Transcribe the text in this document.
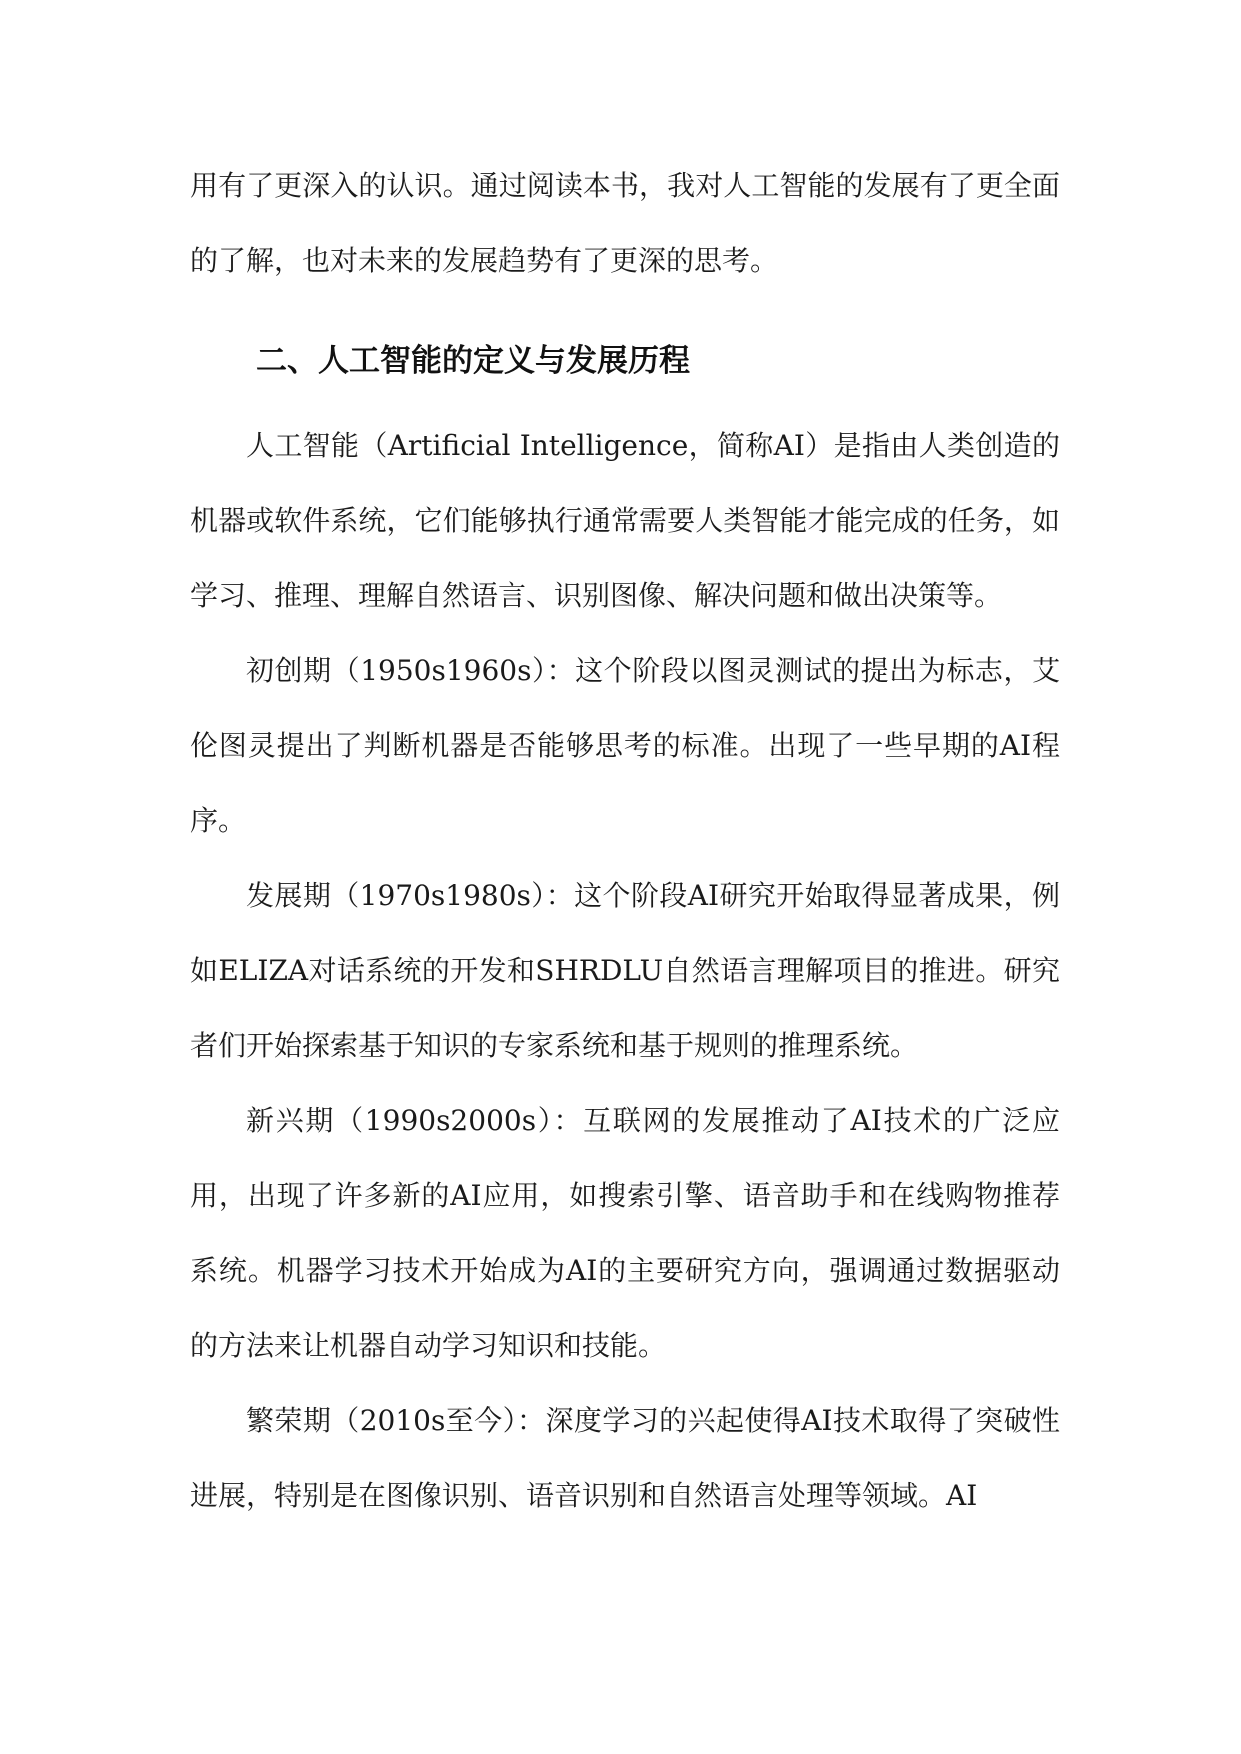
用有了更深入的认识。通过阅读本书，我对人工智能的发展有了更全面的了解，也对未来的发展趋势有了更深的思考。

二、人工智能的定义与发展历程

人工智能（Artificial Intelligence，简称AI）是指由人类创造的机器或软件系统，它们能够执行通常需要人类智能才能完成的任务，如学习、推理、理解自然语言、识别图像、解决问题和做出决策等。

初创期（1950s1960s）：这个阶段以图灵测试的提出为标志，艾伦图灵提出了判断机器是否能够思考的标准。出现了一些早期的AI程序。

发展期（1970s1980s）：这个阶段AI研究开始取得显著成果，例如ELIZA对话系统的开发和SHRDLU自然语言理解项目的推进。研究者们开始探索基于知识的专家系统和基于规则的推理系统。

新兴期（1990s2000s）：互联网的发展推动了AI技术的广泛应用，出现了许多新的AI应用，如搜索引擎、语音助手和在线购物推荐系统。机器学习技术开始成为AI的主要研究方向，强调通过数据驱动的方法来让机器自动学习知识和技能。

繁荣期（2010s至今）：深度学习的兴起使得AI技术取得了突破性进展，特别是在图像识别、语音识别和自然语言处理等领域。AI
